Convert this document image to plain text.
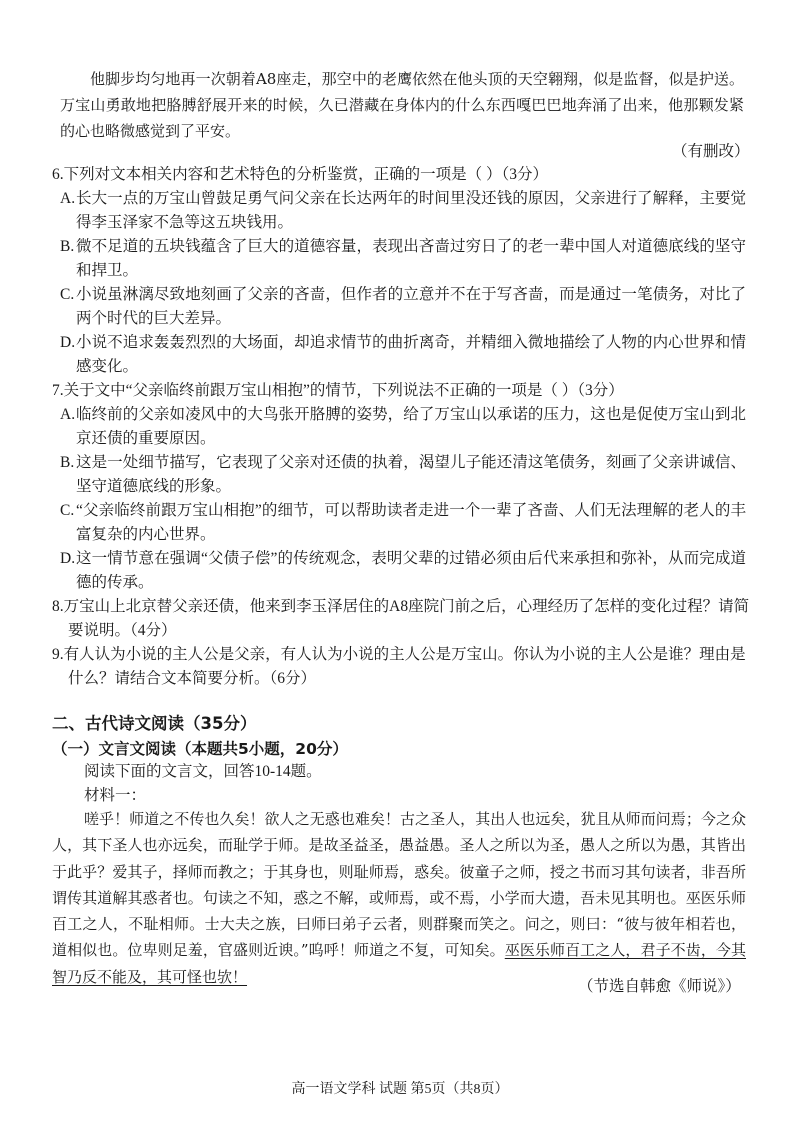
他脚步均匀地再一次朝着A8座走，那空中的老鹰依然在他头顶的天空翱翔，似是监督，似是护送。万宝山勇敢地把胳膊舒展开来的时候，久已潜藏在身体内的什么东西嘎巴巴地奔涌了出来，他那颗发紧的心也略微感觉到了平安。
（有删改）
6.下列对文本相关内容和艺术特色的分析鉴赏，正确的一项是（ ）（3分）
A. 长大一点的万宝山曾鼓足勇气问父亲在长达两年的时间里没还钱的原因，父亲进行了解释，主要觉得李玉泽家不急等这五块钱用。
B. 微不足道的五块钱蕴含了巨大的道德容量，表现出吝啬过穷日了的老一辈中国人对道德底线的坚守和捍卫。
C. 小说虽淋漓尽致地刻画了父亲的吝啬，但作者的立意并不在于写吝啬，而是通过一笔债务，对比了两个时代的巨大差异。
D. 小说不追求轰轰烈烈的大场面，却追求情节的曲折离奇，并精细入微地描绘了人物的内心世界和情感变化。
7.关于文中“父亲临终前跟万宝山相抱”的情节，下列说法不正确的一项是（ ）（3分）
A. 临终前的父亲如凌风中的大鸟张开胳膊的姿势，给了万宝山以承诺的压力，这也是促使万宝山到北京还债的重要原因。
B. 这是一处细节描写，它表现了父亲对还债的执着，渴望儿子能还清这笔债务，刻画了父亲讲诚信、坚守道德底线的形象。
C. “父亲临终前跟万宝山相抱”的细节，可以帮助读者走进一个一辈了吝啬、人们无法理解的老人的丰富复杂的内心世界。
D. 这一情节意在强调“父债子偿”的传统观念，表明父辈的过错必须由后代来承担和弥补，从而完成道德的传承。
8.万宝山上北京替父亲还债，他来到李玉泽居住的A8座院门前之后，心理经历了怎样的变化过程？请简要说明。（4分）
9.有人认为小说的主人公是父亲，有人认为小说的主人公是万宝山。你认为小说的主人公是谁？理由是什么？请结合文本简要分析。（6分）
二、古代诗文阅读（35分）
（一）文言文阅读（本题共5小题，20分）
阅读下面的文言文，回答10-14题。
材料一：
嗟乎！师道之不传也久矣！欲人之无惑也难矣！古之圣人，其出人也远矣，犹且从师而问焉；今之众人，其下圣人也亦远矣，而耻学于师。是故圣益圣，愚益愚。圣人之所以为圣，愚人之所以为愚，其皆出于此乎？爱其子，择师而教之；于其身也，则耻师焉，惑矣。彼童子之师，授之书而习其句读者，非吾所谓传其道解其惑者也。句读之不知，惑之不解，或师焉，或不焉，小学而大遗，吾未见其明也。巫医乐师百工之人，不耻相师。士大夫之族，曰师曰弟子云者，则群聚而笑之。问之，则曰：“彼与彼年相若也，道相似也。位卑则足羞，官盛则近谀。”呜呼！师道之不复，可知矣。巫医乐师百工之人，君子不齿，今其智乃反不能及，其可怪也欤！
（节选自韩愈《师说》）
高一语文学科 试题 第5页（共8页）
